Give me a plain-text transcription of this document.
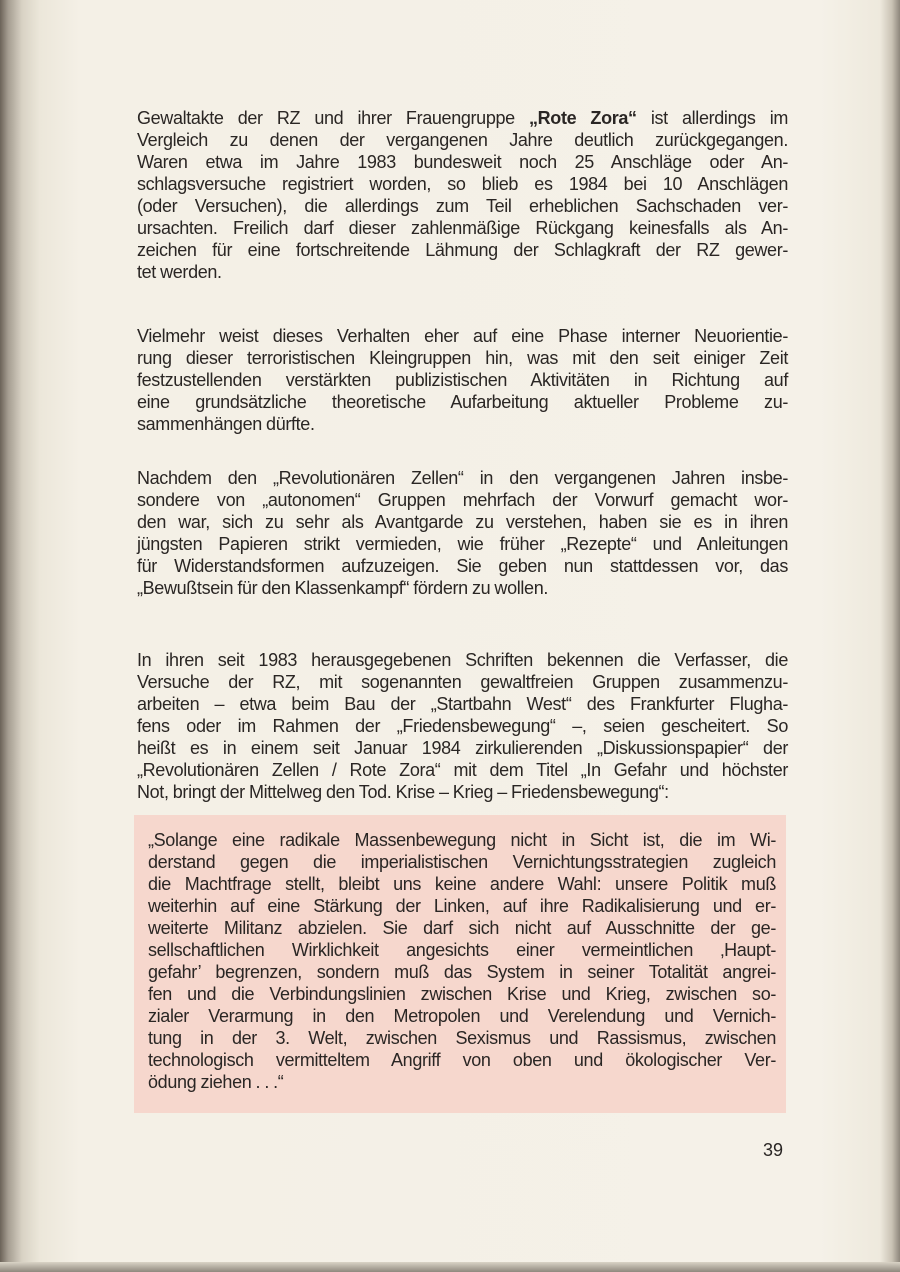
Gewaltakte der RZ und ihrer Frauengruppe „Rote Zora“ ist allerdings im
Vergleich zu denen der vergangenen Jahre deutlich zurückgegangen.
Waren etwa im Jahre 1983 bundesweit noch 25 Anschläge oder An-
schlagsversuche registriert worden, so blieb es 1984 bei 10 Anschlägen
(oder Versuchen), die allerdings zum Teil erheblichen Sachschaden ver-
ursachten. Freilich darf dieser zahlenmäßige Rückgang keinesfalls als An-
zeichen für eine fortschreitende Lähmung der Schlagkraft der RZ gewer-
tet werden.
Vielmehr weist dieses Verhalten eher auf eine Phase interner Neuorientie-
rung dieser terroristischen Kleingruppen hin, was mit den seit einiger Zeit
festzustellenden verstärkten publizistischen Aktivitäten in Richtung auf
eine grundsätzliche theoretische Aufarbeitung aktueller Probleme zu-
sammenhängen dürfte.
Nachdem den „Revolutionären Zellen“ in den vergangenen Jahren insbe-
sondere von „autonomen“ Gruppen mehrfach der Vorwurf gemacht wor-
den war, sich zu sehr als Avantgarde zu verstehen, haben sie es in ihren
jüngsten Papieren strikt vermieden, wie früher „Rezepte“ und Anleitungen
für Widerstandsformen aufzuzeigen. Sie geben nun stattdessen vor, das
„Bewußtsein für den Klassenkampf“ fördern zu wollen.
In ihren seit 1983 herausgegebenen Schriften bekennen die Verfasser, die
Versuche der RZ, mit sogenannten gewaltfreien Gruppen zusammenzu-
arbeiten – etwa beim Bau der „Startbahn West“ des Frankfurter Flugha-
fens oder im Rahmen der „Friedensbewegung“ –, seien gescheitert. So
heißt es in einem seit Januar 1984 zirkulierenden „Diskussionspapier“ der
„Revolutionären Zellen / Rote Zora“ mit dem Titel „In Gefahr und höchster
Not, bringt der Mittelweg den Tod. Krise – Krieg – Friedensbewegung“:
„Solange eine radikale Massenbewegung nicht in Sicht ist, die im Wi-
derstand gegen die imperialistischen Vernichtungsstrategien zugleich
die Machtfrage stellt, bleibt uns keine andere Wahl: unsere Politik muß
weiterhin auf eine Stärkung der Linken, auf ihre Radikalisierung und er-
weiterte Militanz abzielen. Sie darf sich nicht auf Ausschnitte der ge-
sellschaftlichen Wirklichkeit angesichts einer vermeintlichen ‚Haupt-
gefahr’ begrenzen, sondern muß das System in seiner Totalität angrei-
fen und die Verbindungslinien zwischen Krise und Krieg, zwischen so-
zialer Verarmung in den Metropolen und Verelendung und Vernich-
tung in der 3. Welt, zwischen Sexismus und Rassismus, zwischen
technologisch vermitteltem Angriff von oben und ökologischer Ver-
ödung ziehen . . .“
39
